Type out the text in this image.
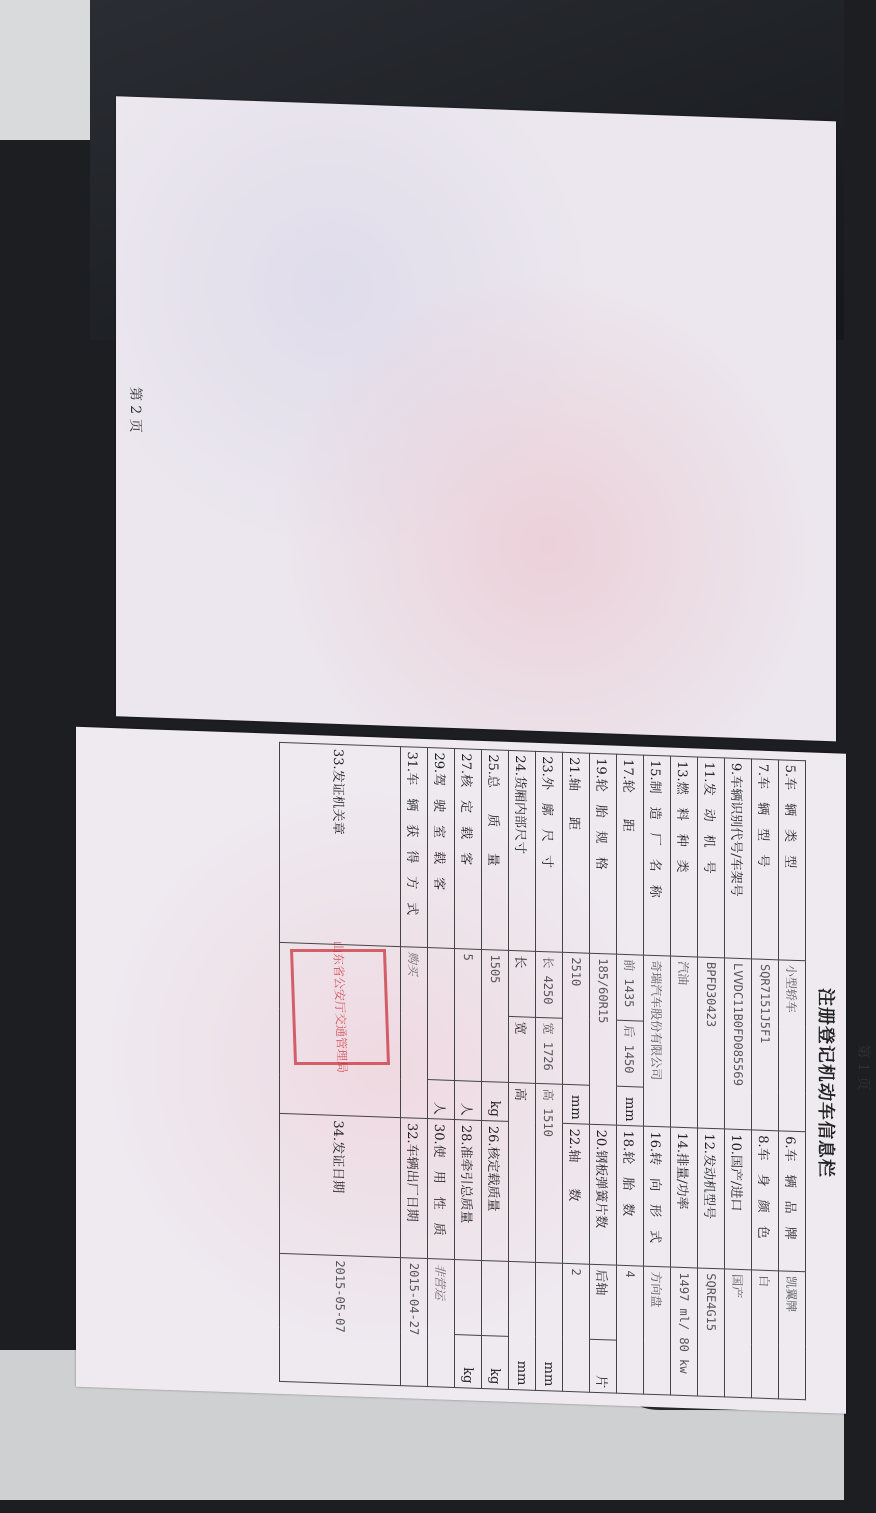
第 2 页
第 1 页
注册登记机动车信息栏
5.车　辆　类　型	小型轿车			6.车　辆　品　牌	凯翼牌	
7.车　辆　型　号	SQR7151J5F1			8.车　身　颜　色	白	
9.车辆识别代号/车架号	LVVDC11B0FD085569			10.国产/进口	国产	
11.发　动　机　号	BPFD30423			12.发动机型号	SQRE4G15	
13.燃　料　种　类	汽油			14.排量/功率	1497 ml/ 80 kw	
15.制　造　厂　名　称	奇瑞汽车股份有限公司			16.转　向　形　式	方向盘	
17.轮　　距	前 1435	后 1450	mm	18.轮　胎　数	4	
19.轮　胎　规　格	185/60R15			20.钢板弹簧片数	后轴	片
21.轴　　距	2510		mm	22.轴　　数	2	
23.外　廓　尺　寸	长 4250	宽 1726	高 1510		mm	
24.货厢内部尺寸	长	宽	高		mm	
25.总　　质　　量	1505		kg	26.核定载质量		kg
27.核　定　载　客	5		人	28.准牵引总质量		kg
29.驾　驶　室　载　客			人	30.使　用　性　质	非营运	
31.车　辆　获　得　方　式	购买			32.车辆出厂日期	2015-04-27	
33.发证机关章	山东省公安厅交通管理局			34.发证日期	2015-05-07	
